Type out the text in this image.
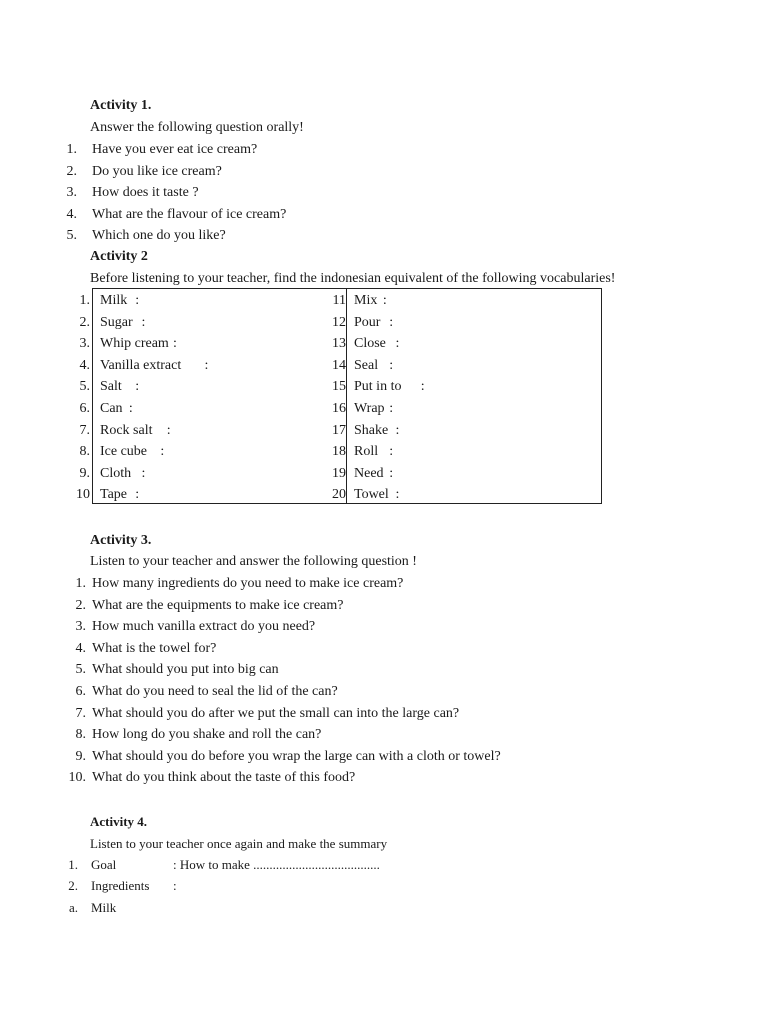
Activity 1.
Answer the following question orally!
1. Have you ever eat ice cream?
2. Do you like ice cream?
3. How does it taste ?
4. What are the flavour of ice cream?
5. Which one do you like?
Activity 2
Before listening to your teacher, find the indonesian equivalent of the following vocabularies!
1. Milk :
2. Sugar :
3. Whip cream :
4. Vanilla extract :
5. Salt :
6. Can :
7. Rock salt :
8. Ice cube :
9. Cloth :
10 Tape :
11 Mix :
12 Pour :
13 Close :
14 Seal :
15 Put in to :
16 Wrap :
17 Shake :
18 Roll :
19 Need :
20 Towel :
Activity 3.
Listen to your teacher and answer the following question !
1. How many ingredients do you need to make ice cream?
2. What are the equipments to make ice cream?
3. How much vanilla extract do you need?
4. What is the towel for?
5. What should you put into big can
6. What do you need to seal the lid of the can?
7. What should you do after we put the small can into the large can?
8. How long do you shake and roll the can?
9. What should you do before you wrap the large can with a cloth or towel?
10. What do you think about the taste of this food?
Activity 4.
Listen to your teacher once again and make the summary
1. Goal	: How to make .......................................
2. Ingredients :
a. Milk
